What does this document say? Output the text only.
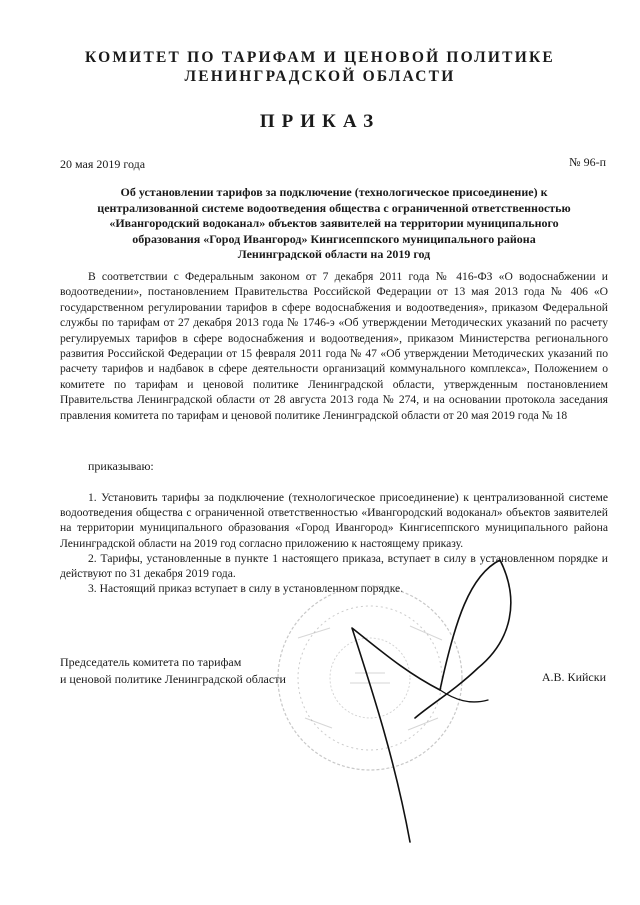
КОМИТЕТ ПО ТАРИФАМ И ЦЕНОВОЙ ПОЛИТИКЕ
ЛЕНИНГРАДСКОЙ ОБЛАСТИ
ПРИКАЗ
20 мая 2019 года	№ 96-п
Об установлении тарифов за подключение (технологическое присоединение) к
централизованной системе водоотведения общества с ограниченной ответственностью
«Ивангородский водоканал» объектов заявителей на территории муниципального
образования «Город Ивангород» Кингисеппского муниципального района
Ленинградской области на 2019 год

В соответствии с Федеральным законом от 7 декабря 2011 года № 416-ФЗ «О водоснабжении и водоотведении», постановлением Правительства Российской Федерации от 13 мая 2013 года № 406 «О государственном регулировании тарифов в сфере водоснабжения и водоотведения», приказом Федеральной службы по тарифам от 27 декабря 2013 года № 1746-э «Об утверждении Методических указаний по расчету регулируемых тарифов в сфере водоснабжения и водоотведения», приказом Министерства регионального развития Российской Федерации от 15 февраля 2011 года № 47 «Об утверждении Методических указаний по расчету тарифов и надбавок в сфере деятельности организаций коммунального комплекса», Положением о комитете по тарифам и ценовой политике Ленинградской области, утвержденным постановлением Правительства Ленинградской области от 28 августа 2013 года № 274, и на основании протокола заседания правления комитета по тарифам и ценовой политике Ленинградской области от 20 мая 2019 года № 18

приказываю:

1. Установить тарифы за подключение (технологическое присоединение) к централизованной системе водоотведения общества с ограниченной ответственностью «Ивангородский водоканал» объектов заявителей на территории муниципального образования «Город Ивангород» Кингисеппского муниципального района Ленинградской области на 2019 год согласно приложению к настоящему приказу.

2. Тарифы, установленные в пункте 1 настоящего приказа, вступает в силу в установленном порядке и действуют по 31 декабря 2019 года.

3. Настоящий приказ вступает в силу в установленном порядке.

Председатель комитета по тарифам
и ценовой политике Ленинградской области	А.В. Кийски
